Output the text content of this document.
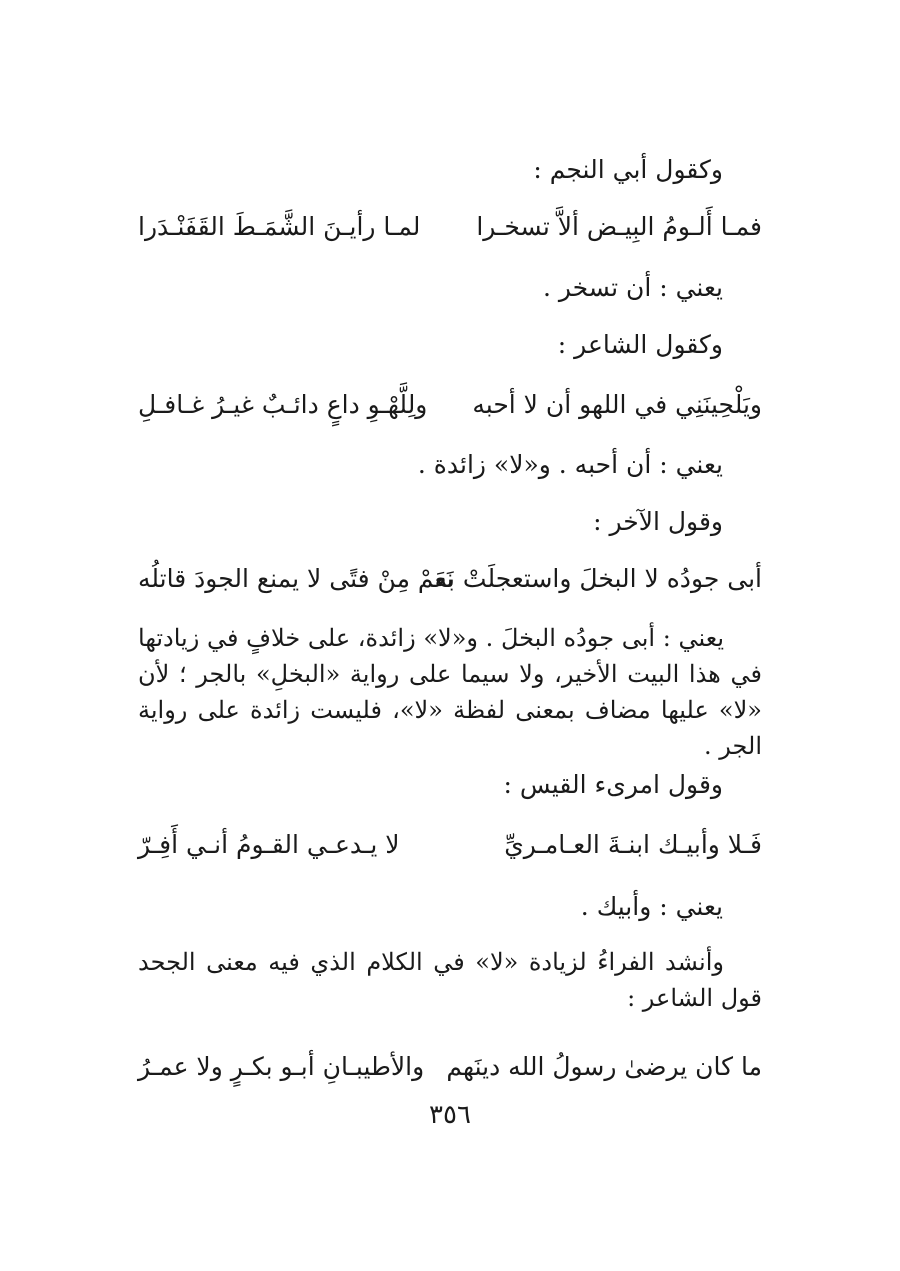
وكقول أبي النجم :
فمـا أَلـومُ البِيـض ألاَّ تسخـرا
لمـا رأيـنَ الشَّمَـطَ القَفَنْـدَرا
يعني : أن تسخر .
وكقول الشاعر :
ويَلْحِينَنِي في اللهو أن لا أحبه
ولِلَّهْـوِ داعٍ دائـبٌ غيـرُ غـافـلِ
يعني : أن أحبه . و«لا» زائدة .
وقول الآخر :
أبى جودُه لا البخلَ واستعجلَتْ به
نَعَمْ مِنْ فتًى لا يمنع الجودَ قاتلُه
يعني : أبى جودُه البخلَ . و«لا» زائدة، على خلافٍ في زيادتها في هذا البيت الأخير، ولا سيما على رواية «البخلِ» بالجر ؛ لأن «لا» عليها مضاف بمعنى لفظة «لا»، فليست زائدة على رواية الجر .
وقول امرىء القيس :
فَـلا وأبيـك ابنـةَ العـامـريِّ
لا يـدعـي القـومُ أنـي أَفِـرّ
يعني : وأبيك .
وأنشد الفراءُ لزيادة «لا» في الكلام الذي فيه معنى الجحد قول الشاعر :
ما كان يرضىٰ رسولُ الله دينَهم
والأطيبـانِ أبـو بكـرٍ ولا عمـرُ
٣٥٦
